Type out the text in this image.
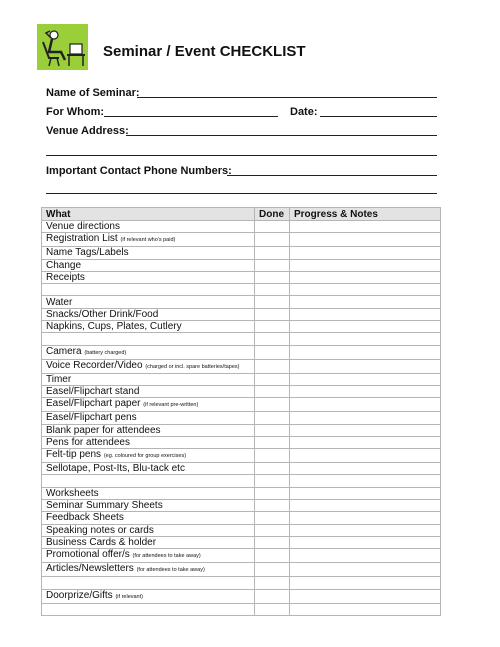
Seminar / Event CHECKLIST
Name of Seminar:
For Whom:	Date:
Venue Address:
Important Contact Phone Numbers:
What	Done	Progress & Notes
Venue directions		
Registration List (if relevant who's paid)		
Name Tags/Labels		
Change		
Receipts		

Water		
Snacks/Other Drink/Food		
Napkins, Cups, Plates, Cutlery		

Camera (battery charged)		
Voice Recorder/Video (charged or incl. spare batteries/tapes)		
Timer		
Easel/Flipchart stand		
Easel/Flipchart paper (if relevant pre-written)		
Easel/Flipchart pens		
Blank paper for attendees		
Pens for attendees		
Felt-tip pens (eg. coloured for group exercises)		
Sellotape, Post-Its, Blu-tack etc		

Worksheets		
Seminar Summary Sheets		
Feedback Sheets		
Speaking notes or cards		
Business Cards & holder		
Promotional offer/s (for attendees to take away)		
Articles/Newsletters (for attendees to take away)		

Doorprize/Gifts (if relevant)		
